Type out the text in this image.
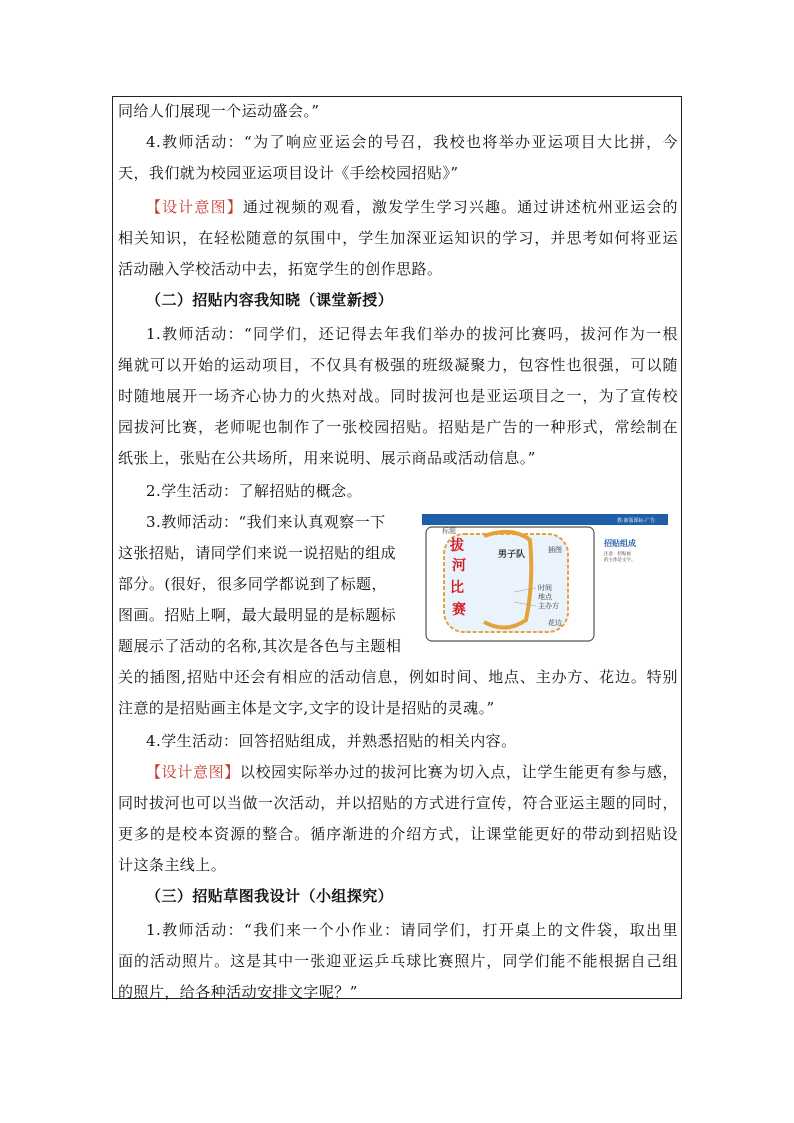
同给人们展现一个运动盛会。”
4.教师活动：“为了响应亚运会的号召，我校也将举办亚运项目大比拼，今
天，我们就为校园亚运项目设计《手绘校园招贴》”
【设计意图】通过视频的观看，激发学生学习兴趣。通过讲述杭州亚运会的
相关知识，在轻松随意的氛围中，学生加深亚运知识的学习，并思考如何将亚运
活动融入学校活动中去，拓宽学生的创作思路。
（二）招贴内容我知晓（课堂新授）
1.教师活动：“同学们，还记得去年我们举办的拔河比赛吗，拔河作为一根
绳就可以开始的运动项目，不仅具有极强的班级凝聚力，包容性也很强，可以随
时随地展开一场齐心协力的火热对战。同时拔河也是亚运项目之一，为了宣传校
园拔河比赛，老师呢也制作了一张校园招贴。招贴是广告的一种形式，常绘制在
纸张上，张贴在公共场所，用来说明、展示商品或活动信息。”
2.学生活动：了解招贴的概念。
3.教师活动：“我们来认真观察一下
这张招贴，请同学们来说一说招贴的组成
部分。(很好，很多同学都说到了标题，
图画。招贴上啊，最大最明显的是标题标
题展示了活动的名称,其次是各色与主题相
关的插图,招贴中还会有相应的活动信息，例如时间、地点、主办方、花边。特别
注意的是招贴画主体是文字,文字的设计是招贴的灵魂。”
4.学生活动：回答招贴组成，并熟悉招贴的相关内容。
【设计意图】以校园实际举办过的拔河比赛为切入点，让学生能更有参与感，
同时拔河也可以当做一次活动，并以招贴的方式进行宣传，符合亚运主题的同时，
更多的是校本资源的整合。循序渐进的介绍方式，让课堂能更好的带动到招贴设
计这条主线上。
（三）招贴草图我设计（小组探究）
1.教师活动：“我们来一个小作业：请同学们，打开桌上的文件袋，取出里
面的活动照片。这是其中一张迎亚运乒乓球比赛照片，同学们能不能根据自己组
的照片，给各种活动安排文字呢？”
教·新版课标·广告
拔
河
比
赛
男子队
标题
插图
时间
地点
主办方
花边
招贴组成
注意：招贴画
的主体是文字。
